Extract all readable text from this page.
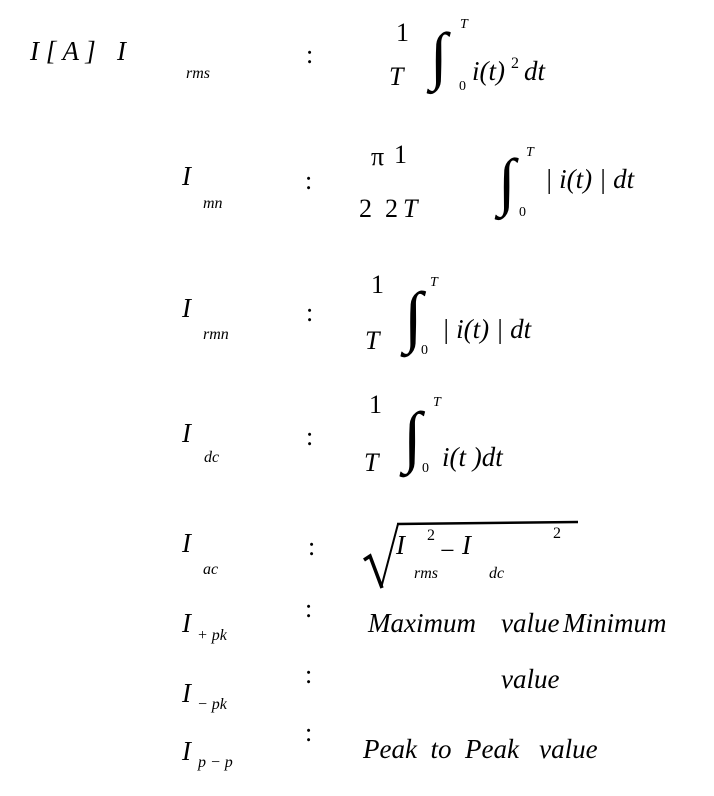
I [ A ] I
rms
:
1
T ∫ T
0
i(t) 2 dt
I
mn
:
π 1
2 2 T ∫ T
0
| i(t) | dt
I
rmn
:
1
T ∫ T
0
| i(t) | dt
I
dc
:
1
T ∫ T
0 i(t )dt
I
ac
:	I
rms
2
− I
dc
2
I + pk
: Maximum value Minimum
I − pk
:	value
I p − p
:
Peak  to  Peak   value
